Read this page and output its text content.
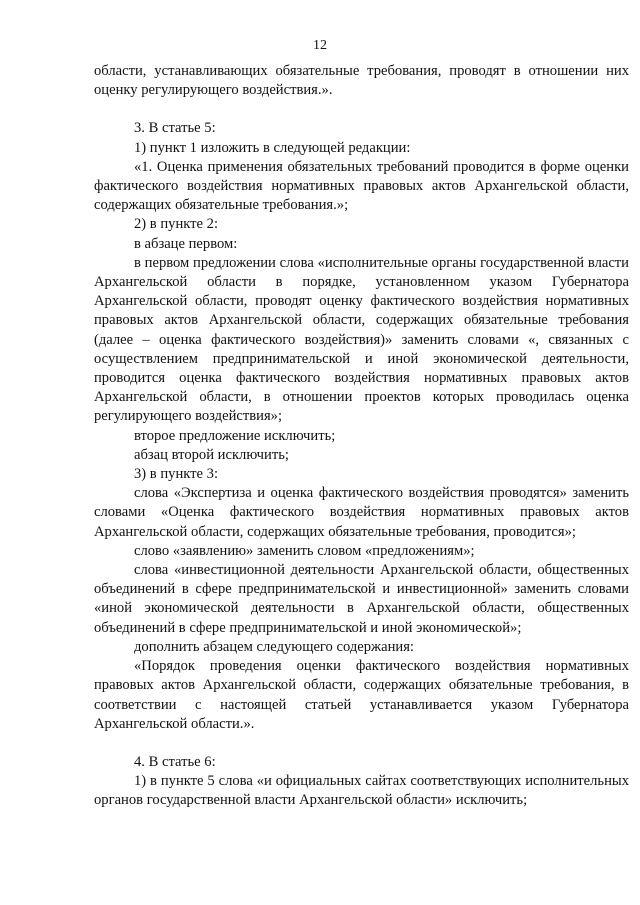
12

области, устанавливающих обязательные требования, проводят в отношении них оценку регулирующего воздействия.».

3. В статье 5:

1) пункт 1 изложить в следующей редакции:

«1. Оценка применения обязательных требований проводится в форме оценки фактического воздействия нормативных правовых актов Архангельской области, содержащих обязательные требования.»;

2) в пункте 2:

в абзаце первом:

в первом предложении слова «исполнительные органы государственной власти Архангельской области в порядке, установленном указом Губернатора Архангельской области, проводят оценку фактического воздействия нормативных правовых актов Архангельской области, содержащих обязательные требования (далее – оценка фактического воздействия)» заменить словами «, связанных с осуществлением предпринимательской и иной экономической деятельности, проводится оценка фактического воздействия нормативных правовых актов Архангельской области, в отношении проектов которых проводилась оценка регулирующего воздействия»;

второе предложение исключить;

абзац второй исключить;

3) в пункте 3:

слова «Экспертиза и оценка фактического воздействия проводятся» заменить словами «Оценка фактического воздействия нормативных правовых актов Архангельской области, содержащих обязательные требования, проводится»;

слово «заявлению» заменить словом «предложениям»;

слова «инвестиционной деятельности Архангельской области, общественных объединений в сфере предпринимательской и инвестиционной» заменить словами «иной экономической деятельности в Архангельской области, общественных объединений в сфере предпринимательской и иной экономической»;

дополнить абзацем следующего содержания:

«Порядок проведения оценки фактического воздействия нормативных правовых актов Архангельской области, содержащих обязательные требования, в соответствии с настоящей статьей устанавливается указом Губернатора Архангельской области.».

4. В статье 6:

1) в пункте 5 слова «и официальных сайтах соответствующих исполнительных органов государственной власти Архангельской области» исключить;
